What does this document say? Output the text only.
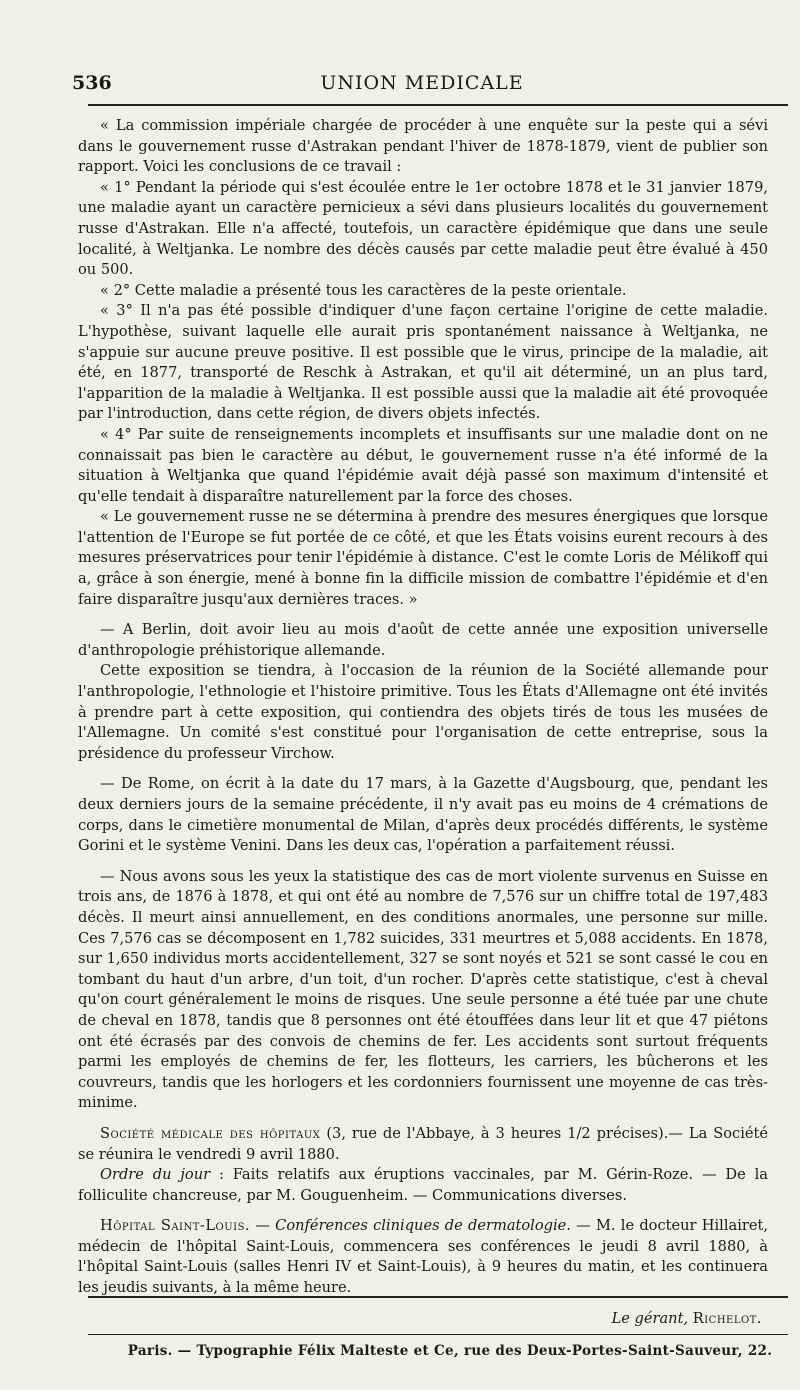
536	UNION MEDICALE

« La commission impériale chargée de procéder à une enquête sur la peste qui a sévi dans le gouvernement russe d'Astrakan pendant l'hiver de 1878-1879, vient de publier son rapport. Voici les conclusions de ce travail :

« 1° Pendant la période qui s'est écoulée entre le 1er octobre 1878 et le 31 janvier 1879, une maladie ayant un caractère pernicieux a sévi dans plusieurs localités du gouvernement russe d'Astrakan. Elle n'a affecté, toutefois, un caractère épidémique que dans une seule localité, à Weltjanka. Le nombre des décès causés par cette maladie peut être évalué à 450 ou 500.

« 2° Cette maladie a présenté tous les caractères de la peste orientale.

« 3° Il n'a pas été possible d'indiquer d'une façon certaine l'origine de cette maladie. L'hypothèse, suivant laquelle elle aurait pris spontanément naissance à Weltjanka, ne s'appuie sur aucune preuve positive. Il est possible que le virus, principe de la maladie, ait été, en 1877, transporté de Reschk à Astrakan, et qu'il ait déterminé, un an plus tard, l'apparition de la maladie à Weltjanka. Il est possible aussi que la maladie ait été provoquée par l'introduction, dans cette région, de divers objets infectés.

« 4° Par suite de renseignements incomplets et insuffisants sur une maladie dont on ne connaissait pas bien le caractère au début, le gouvernement russe n'a été informé de la situation à Weltjanka que quand l'épidémie avait déjà passé son maximum d'intensité et qu'elle tendait à disparaître naturellement par la force des choses.

« Le gouvernement russe ne se détermina à prendre des mesures énergiques que lorsque l'attention de l'Europe se fut portée de ce côté, et que les États voisins eurent recours à des mesures préservatrices pour tenir l'épidémie à distance. C'est le comte Loris de Mélikoff qui a, grâce à son énergie, mené à bonne fin la difficile mission de combattre l'épidémie et d'en faire disparaître jusqu'aux dernières traces. »

— A Berlin, doit avoir lieu au mois d'août de cette année une exposition universelle d'anthropologie préhistorique allemande.

Cette exposition se tiendra, à l'occasion de la réunion de la Société allemande pour l'anthropologie, l'ethnologie et l'histoire primitive. Tous les États d'Allemagne ont été invités à prendre part à cette exposition, qui contiendra des objets tirés de tous les musées de l'Allemagne. Un comité s'est constitué pour l'organisation de cette entreprise, sous la présidence du professeur Virchow.

— De Rome, on écrit à la date du 17 mars, à la Gazette d'Augsbourg, que, pendant les deux derniers jours de la semaine précédente, il n'y avait pas eu moins de 4 crémations de corps, dans le cimetière monumental de Milan, d'après deux procédés différents, le système Gorini et le système Venini. Dans les deux cas, l'opération a parfaitement réussi.

— Nous avons sous les yeux la statistique des cas de mort violente survenus en Suisse en trois ans, de 1876 à 1878, et qui ont été au nombre de 7,576 sur un chiffre total de 197,483 décès. Il meurt ainsi annuellement, en des conditions anormales, une personne sur mille. Ces 7,576 cas se décomposent en 1,782 suicides, 331 meurtres et 5,088 accidents. En 1878, sur 1,650 individus morts accidentellement, 327 se sont noyés et 521 se sont cassé le cou en tombant du haut d'un arbre, d'un toit, d'un rocher. D'après cette statistique, c'est à cheval qu'on court généralement le moins de risques. Une seule personne a été tuée par une chute de cheval en 1878, tandis que 8 personnes ont été étouffées dans leur lit et que 47 piétons ont été écrasés par des convois de chemins de fer. Les accidents sont surtout fréquents parmi les employés de chemins de fer, les flotteurs, les carriers, les bûcherons et les couvreurs, tandis que les horlogers et les cordonniers fournissent une moyenne de cas très-minime.

Société médicale des hôpitaux (3, rue de l'Abbaye, à 3 heures 1/2 précises).— La Société se réunira le vendredi 9 avril 1880.

Ordre du jour : Faits relatifs aux éruptions vaccinales, par M. Gérin-Roze. — De la folliculite chancreuse, par M. Gouguenheim. — Communications diverses.

Hôpital Saint-Louis. — Conférences cliniques de dermatologie. — M. le docteur Hillairet, médecin de l'hôpital Saint-Louis, commencera ses conférences le jeudi 8 avril 1880, à l'hôpital Saint-Louis (salles Henri IV et Saint-Louis), à 9 heures du matin, et les continuera les jeudis suivants, à la même heure.

Le gérant, Richelot.
Paris. — Typographie Félix Malteste et Ce, rue des Deux-Portes-Saint-Sauveur, 22.
